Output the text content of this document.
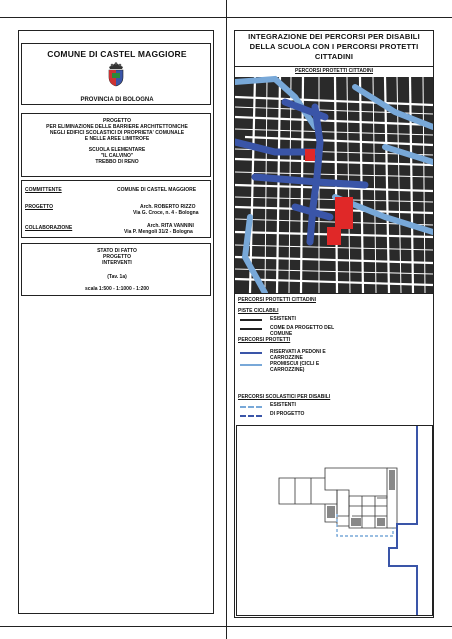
COMUNE DI CASTEL MAGGIORE
PROVINCIA DI BOLOGNA
PROGETTO
PER ELIMINAZIONE DELLE BARRIERE ARCHITETTONICHE
NEGLI EDIFICI SCOLASTICI DI PROPRIETA' COMUNALE
E NELLE AREE LIMITROFE
SCUOLA ELEMENTARE
"IL CALVINO"
TREBBO DI RENO
COMMITTENTE	COMUNE DI CASTEL MAGGIORE
PROGETTO	Arch. ROBERTO RIZZO
Via G. Croce, n. 4 - Bologna
COLLABORAZIONE	Arch. RITA VANNINI
Via P. Mengoli 31/2 - Bologna
STATO DI FATTO
PROGETTO
INTERVENTI
(Tav. 1a)
scala 1:500 - 1:1000 - 1:200
INTEGRAZIONE DEI PERCORSI PER DISABILI DELLA SCUOLA CON I PERCORSI PROTETTI CITTADINI
PERCORSI PROTETTI CITTADINI
PERCORSI PROTETTI CITTADINI
PISTE CICLABILI
ESISTENTI
COME DA PROGETTO DEL COMUNE
PERCORSI PROTETTI
RISERVATI A PEDONI E CARROZZINE
PROMISCUI (CICLI E CARROZZINE)
PERCORSI SCOLASTICI PER DISABILI
ESISTENTI
DI PROGETTO
